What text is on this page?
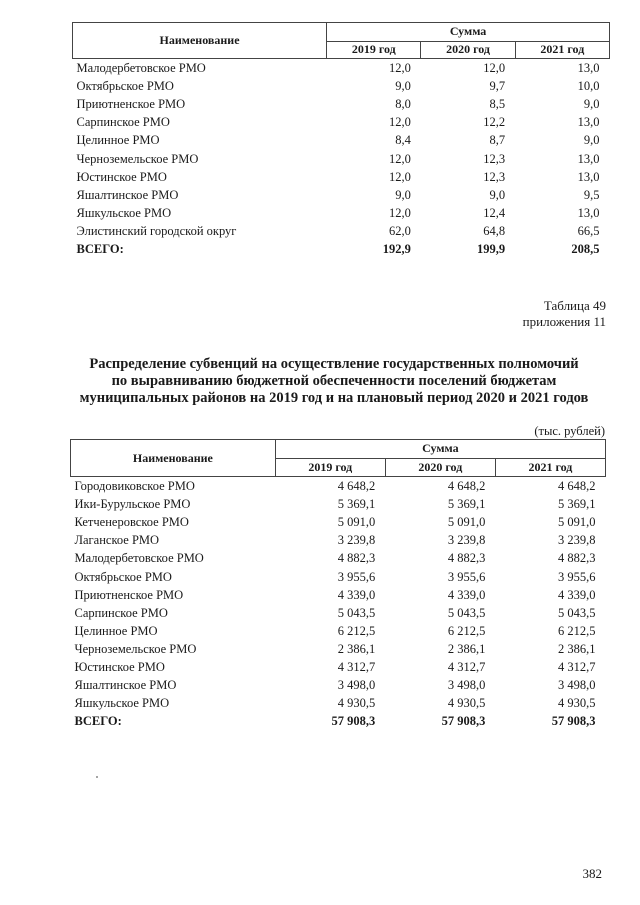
Наименование	Сумма		
	2019 год	2020 год	2021 год
Малодербетовское РМО	12,0	12,0	13,0
Октябрьское РМО	9,0	9,7	10,0
Приютненское РМО	8,0	8,5	9,0
Сарпинское РМО	12,0	12,2	13,0
Целинное РМО	8,4	8,7	9,0
Черноземельское РМО	12,0	12,3	13,0
Юстинское РМО	12,0	12,3	13,0
Яшалтинское РМО	9,0	9,0	9,5
Яшкульское РМО	12,0	12,4	13,0
Элистинский городской округ	62,0	64,8	66,5
ВСЕГО:	192,9	199,9	208,5
Таблица 49
приложения 11
Распределение субвенций на осуществление государственных полномочий
по выравниванию бюджетной обеспеченности поселений бюджетам
муниципальных районов на 2019 год и на плановый период 2020 и 2021 годов
(тыс. рублей)
Наименование	Сумма		
	2019 год	2020 год	2021 год
Городовиковское РМО	4 648,2	4 648,2	4 648,2
Ики-Бурульское РМО	5 369,1	5 369,1	5 369,1
Кетченеровское РМО	5 091,0	5 091,0	5 091,0
Лаганское РМО	3 239,8	3 239,8	3 239,8
Малодербетовское РМО	4 882,3	4 882,3	4 882,3
Октябрьское РМО	3 955,6	3 955,6	3 955,6
Приютненское РМО	4 339,0	4 339,0	4 339,0
Сарпинское РМО	5 043,5	5 043,5	5 043,5
Целинное РМО	6 212,5	6 212,5	6 212,5
Черноземельское РМО	2 386,1	2 386,1	2 386,1
Юстинское РМО	4 312,7	4 312,7	4 312,7
Яшалтинское РМО	3 498,0	3 498,0	3 498,0
Яшкульское РМО	4 930,5	4 930,5	4 930,5
ВСЕГО:	57 908,3	57 908,3	57 908,3
382
